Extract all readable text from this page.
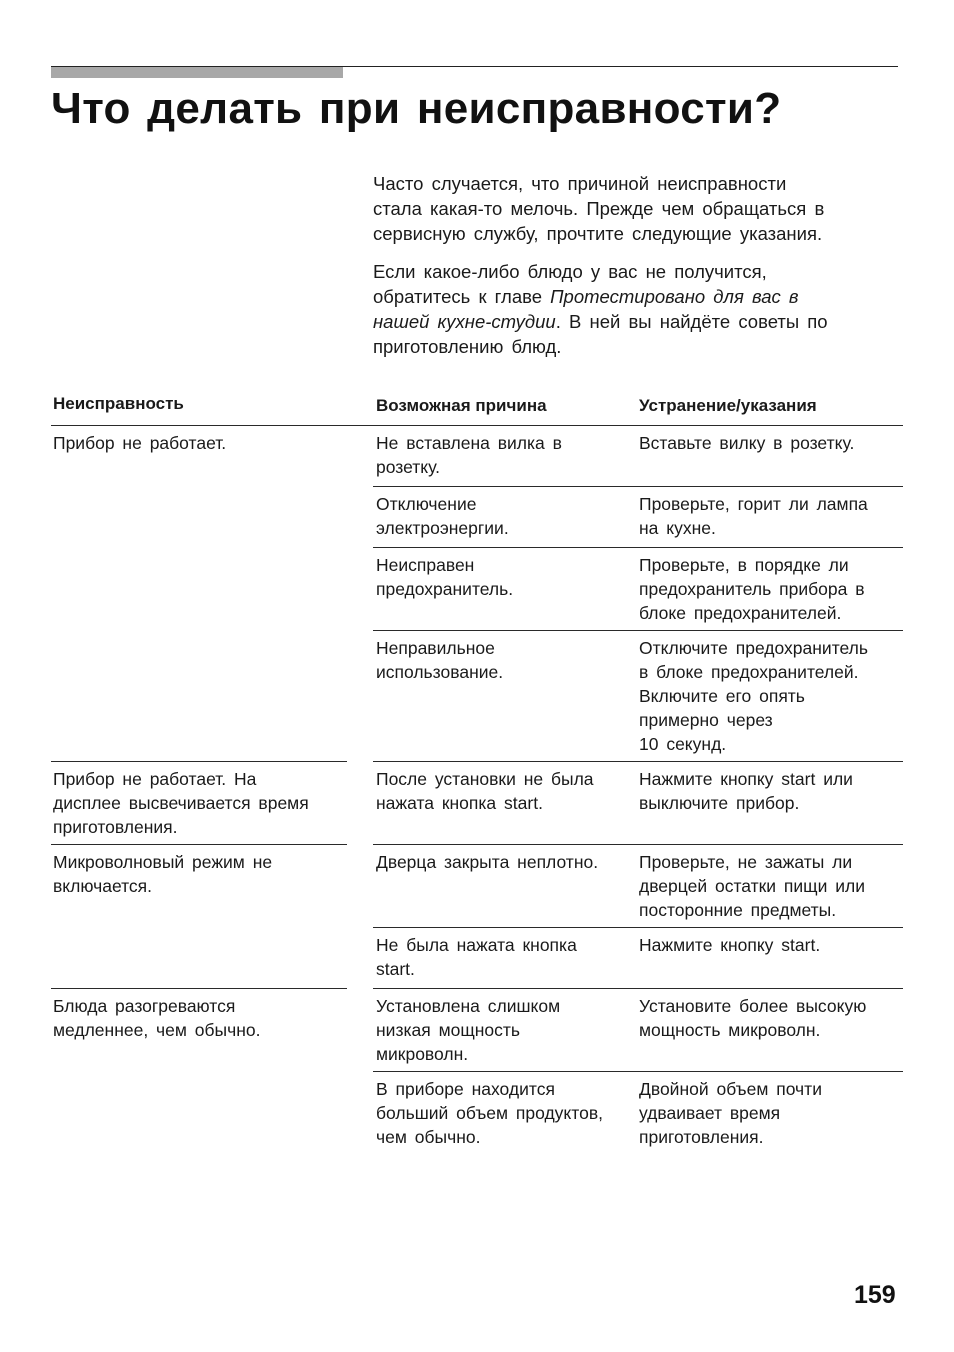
Что делать при неисправности?

Часто случается, что причиной неисправности
стала какая-то мелочь. Прежде чем обращаться в
сервисную службу, прочтите следующие указания.

Если какое-либо блюдо у вас не получится,
обратитесь к главе Протестировано для вас в
нашей кухне-студии. В ней вы найдёте советы по
приготовлению блюд.

Неисправность	Возможная причина	Устранение/указания
Прибор не работает.
Прибор не работает. На
дисплее высвечивается время
приготовления.
Микроволновый режим не
включается.
Блюда разогреваются
медленнее, чем обычно.
Не вставлена вилка в
розетку.
Отключение
электроэнергии.
Неисправен
предохранитель.
Неправильное
использование.
После установки не была
нажата кнопка start.
Дверца закрыта неплотно.
Не была нажата кнопка
start.
Установлена слишком
низкая мощность
микроволн.
В приборе находится
больший объем продуктов,
чем обычно.
Вставьте вилку в розетку.
Проверьте, горит ли лампа
на кухне.
Проверьте, в порядке ли
предохранитель прибора в
блоке предохранителей.
Отключите предохранитель
в блоке предохранителей.
Включите его опять
примерно через
10 секунд.
Нажмите кнопку start или
выключите прибор.
Проверьте, не зажаты ли
дверцей остатки пищи или
посторонние предметы.
Нажмите кнопку start.
Установите более высокую
мощность микроволн.
Двойной объем почти
удваивает время
приготовления.
159
